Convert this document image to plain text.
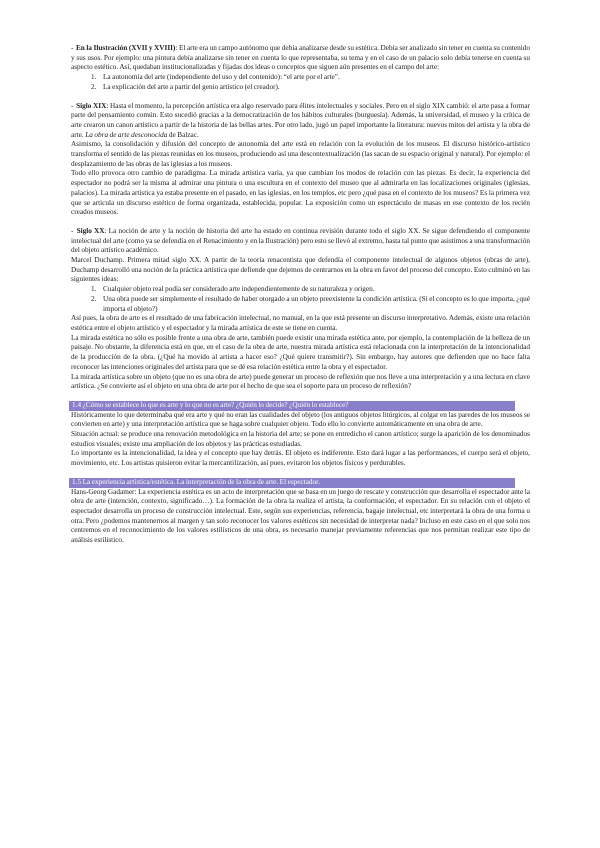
- En la Ilustración (XVII y XVIII): El arte era un campo autónomo que debía analizarse desde su estética. Debía ser analizado sin tener en cuenta su contenido y sus usos. Por ejemplo: una pintura debía analizarse sin tener en cuenta lo que representaba, su tema y en el caso de un palacio solo debía tenerse en cuenta su aspecto estético. Así, quedaban institucionalizadas y fijadas dos ideas o conceptos que siguen aún presentes en el campo del arte:

1. La autonomía del arte (independiente del uso y del contenido): “el arte por el arte”.
2. La explicación del arte a partir del genio artístico (el creador).

- Siglo XIX: Hasta el momento, la percepción artística era algo reservado para élites intelectuales y sociales. Pero en el siglo XIX cambió: el arte pasa a formar parte del pensamiento común. Esto sucedió gracias a la democratización de los hábitos culturales (burguesía). Además, la universidad, el museo y la crítica de arte crearon un canon artístico a partir de la historia de las bellas artes. Por otro lado, jugó un papel importante la literatura: nuevos mitos del artista y la obra de arte. La obra de arte desconocida de Balzac.

Asimismo, la consolidación y difusión del concepto de autonomía del arte está en relación con la evolución de los museos. El discurso histórico-artístico transforma el sentido de las piezas reunidas en los museos, produciendo así una descontextualización (las sacan de su espacio original y natural). Por ejemplo: el desplazamiento de las obras de las iglesias a los museos.

Todo ello provoca otro cambio de paradigma. La mirada artística varía, ya que cambian los modos de relación con las piezas. Es decir, la experiencia del espectador no podrá ser la misma al admirar una pintura o una escultura en el contexto del museo que al admirarla en las localizaciones originales (iglesias, palacios). La mirada artística ya estaba presente en el pasado, en las iglesias, en los templos, etc pero ¿qué pasa en el contexto de los museos? Es la primera vez que se articula un discurso estético de forma organizada, establecida, popular. La exposición como un espectáculo de masas en ese contexto de los recién creados museos.

- Siglo XX: La noción de arte y la noción de historia del arte ha estado en continua revisión durante todo el siglo XX. Se sigue defendiendo el componente intelectual del arte (como ya se defendía en el Renacimiento y en la Ilustración) pero esto se llevó al extremo, hasta tal punto que asistimos a una transformación del objeto artístico académico.

Marcel Duchamp. Primera mitad siglo XX. A partir de la teoría renacentista que defendía el componente intelectual de algunos objetos (obras de arte), Duchamp desarrolló una noción de la práctica artística que defiende que dejemos de centrarnos en la obra en favor del proceso del concepto. Esto culminó en las siguientes ideas:

1. Cualquier objeto real podía ser considerado arte independientemente de su naturaleza y origen.
2. Una obra puede ser simplemente el resultado de haber otorgado a un objeto preexistente la condición artística. (Si el concepto es lo que importa, ¿qué importa el objeto?)

Así pues, la obra de arte es el resultado de una fabricación intelectual, no manual, en la que está presente un discurso interpretativo. Además, existe una relación estética entre el objeto artístico y el espectador y la mirada artística de este se tiene en cuenta.

La mirada estética no sólo es posible frente a una obra de arte, también puede existir una mirada estética ante, por ejemplo, la contemplación de la belleza de un paisaje. No obstante, la diferencia está en que, en el caso de la obra de arte, nuestra mirada artística está relacionada con la interpretación de la intencionalidad de la producción de la obra. (¿Qué ha movido al artista a hacer eso? ¿Qué quiere transmitir?). Sin embargo, hay autores que defienden que no hace falta reconocer las intenciones originales del artista para que se dé esa relación estética entre la obra y el espectador.

La mirada artística sobre un objeto (que no es una obra de arte) puede generar un proceso de reflexión que nos lleve a una interpretación y a una lectura en clave artística. ¿Se convierte así el objeto en una obra de arte por el hecho de que sea el soporte para un proceso de reflexión?

1.4 ¿Cómo se establece lo que es arte y lo que no es arte? ¿Quién lo decide? ¿Quién lo establece?

Históricamente lo que determinaba qué era arte y qué no eran las cualidades del objeto (los antiguos objetos litúrgicos, al colgar en las paredes de los museos se convierten en arte) y una interpretación artística que se haga sobre cualquier objeto. Todo ello lo convierte automáticamente en una obra de arte.

Situación actual: se produce una renovación metodológica en la historia del arte; se pone en entredicho el canon artístico; surge la aparición de los denominados estudios visuales; existe una ampliación de los objetos y las prácticas estudiadas.

Lo importante es la intencionalidad, la idea y el concepto que hay detrás. El objeto es indiferente. Esto dará lugar a las performances, el cuerpo será el objeto, movimiento, etc. Los artistas quisieron evitar la mercantilización, así pues, evitaron los objetos físicos y perdurables.

1.5 La experiencia artística/estética. La interpretación de la obra de arte. El espectador.

Hans-Georg Gadamer: La experiencia estética es un acto de interpretación que se basa en un juego de rescate y construcción que desarrolla el espectador ante la obra de arte (intención, contexto, significado…). La formación de la obra la realiza el artista, la conformación, el espectador. En su relación con el objeto el espectador desarrolla un proceso de construcción intelectual. Este, según sus experiencias, referencia, bagaje intelectual, etc interpretará la obra de una forma u otra. Pero ¿podemos mantenernos al margen y tan solo reconocer los valores estéticos sin necesidad de interpretar nada? Incluso en este caso en el que solo nos centremos en el reconocimiento de los valores estilísticos de una obra, es necesario manejar previamente referencias que nos permitan realizar este tipo de análisis estilístico.
